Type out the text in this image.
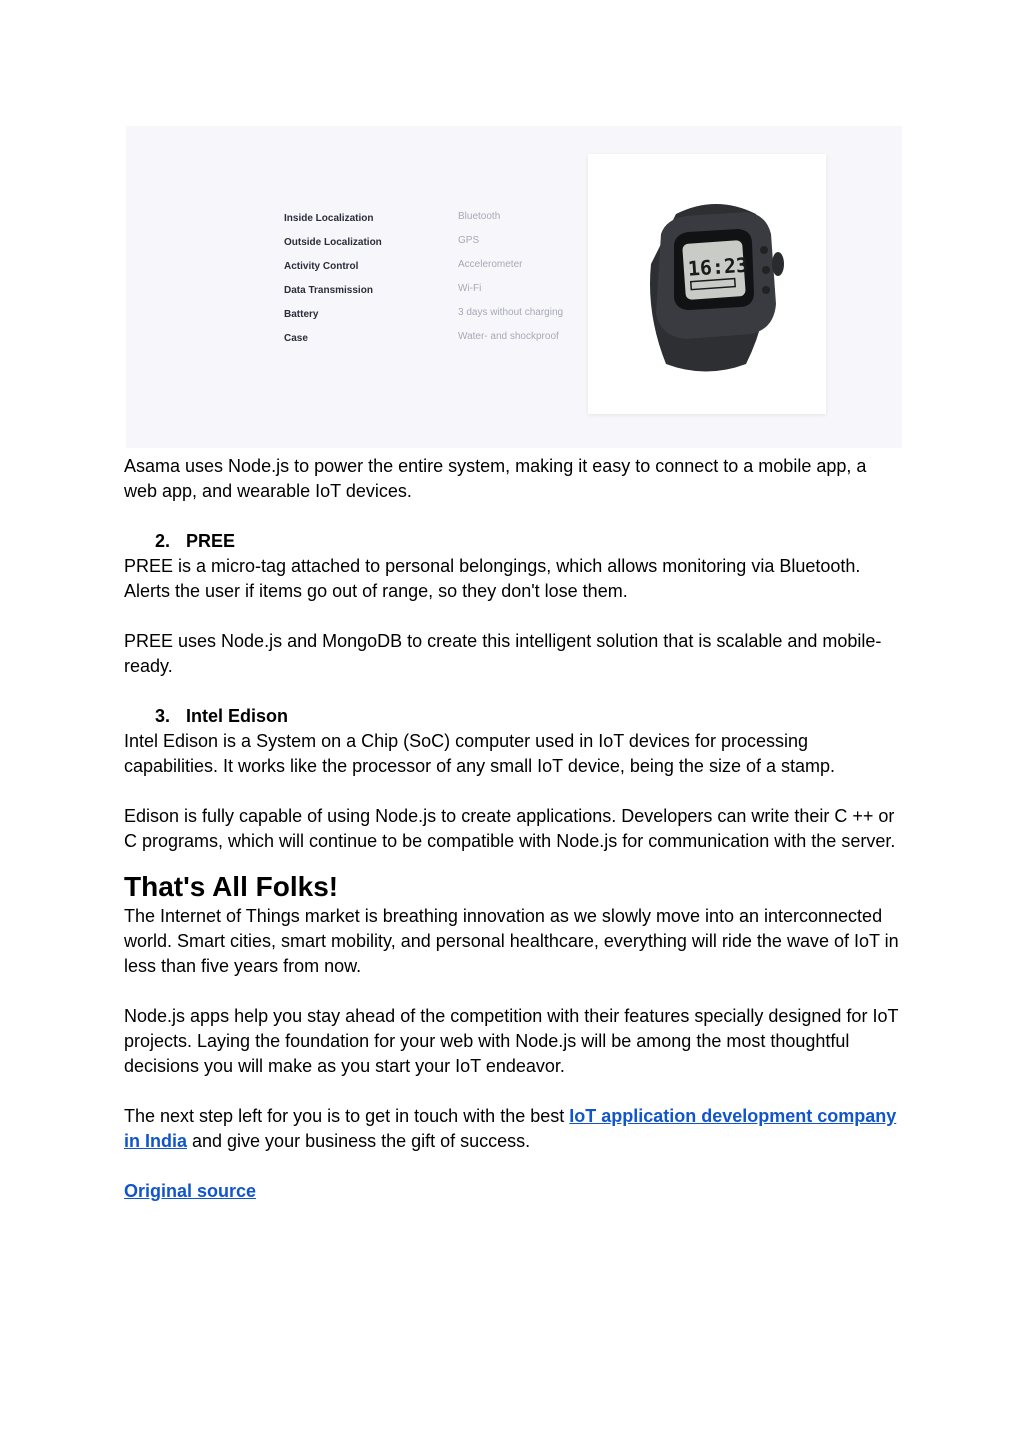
Inside Localization	Bluetooth
Outside Localization	GPS
Activity Control	Accelerometer
Data Transmission	Wi-Fi
Battery	3 days without charging
Case	Water- and shockproof
16:23

Asama uses Node.js to power the entire system, making it easy to connect to a mobile app, a web app, and wearable IoT devices.

2. PREE

PREE is a micro-tag attached to personal belongings, which allows monitoring via Bluetooth. Alerts the user if items go out of range, so they don't lose them.

PREE uses Node.js and MongoDB to create this intelligent solution that is scalable and mobile-ready.

3. Intel Edison

Intel Edison is a System on a Chip (SoC) computer used in IoT devices for processing capabilities. It works like the processor of any small IoT device, being the size of a stamp.

Edison is fully capable of using Node.js to create applications. Developers can write their C ++ or C programs, which will continue to be compatible with Node.js for communication with the server.

That's All Folks!

The Internet of Things market is breathing innovation as we slowly move into an interconnected world. Smart cities, smart mobility, and personal healthcare, everything will ride the wave of IoT in less than five years from now.

Node.js apps help you stay ahead of the competition with their features specially designed for IoT projects. Laying the foundation for your web with Node.js will be among the most thoughtful decisions you will make as you start your IoT endeavor.

The next step left for you is to get in touch with the best IoT application development company in India and give your business the gift of success.

Original source
